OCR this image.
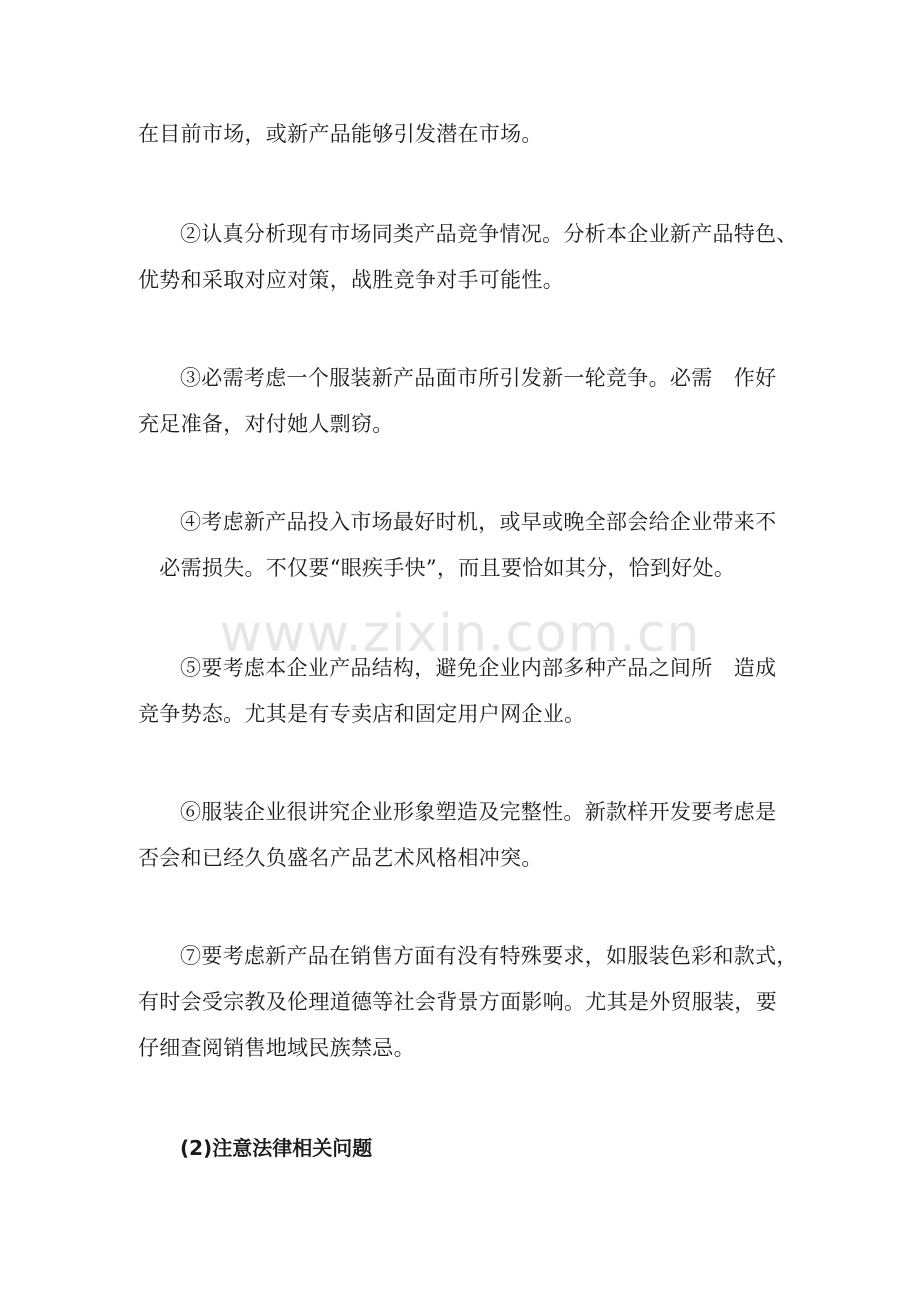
在目前市场，或新产品能够引发潜在市场。
②认真分析现有市场同类产品竞争情况。分析本企业新产品特色、
优势和采取对应对策，战胜竞争对手可能性。
③必需考虑一个服装新产品面市所引发新一轮竞争。必需　作好
充足准备，对付她人剽窃。
④考虑新产品投入市场最好时机，或早或晚全部会给企业带来不
　必需损失。不仅要“眼疾手快”，而且要恰如其分，恰到好处。
www.zixin.com.cn
⑤要考虑本企业产品结构，避免企业内部多种产品之间所　造成
竞争势态。尤其是有专卖店和固定用户网企业。
⑥服装企业很讲究企业形象塑造及完整性。新款样开发要考虑是
否会和已经久负盛名产品艺术风格相冲突。
⑦要考虑新产品在销售方面有没有特殊要求，如服装色彩和款式，
有时会受宗教及伦理道德等社会背景方面影响。尤其是外贸服装，要
仔细查阅销售地域民族禁忌。
(2)注意法律相关问题
